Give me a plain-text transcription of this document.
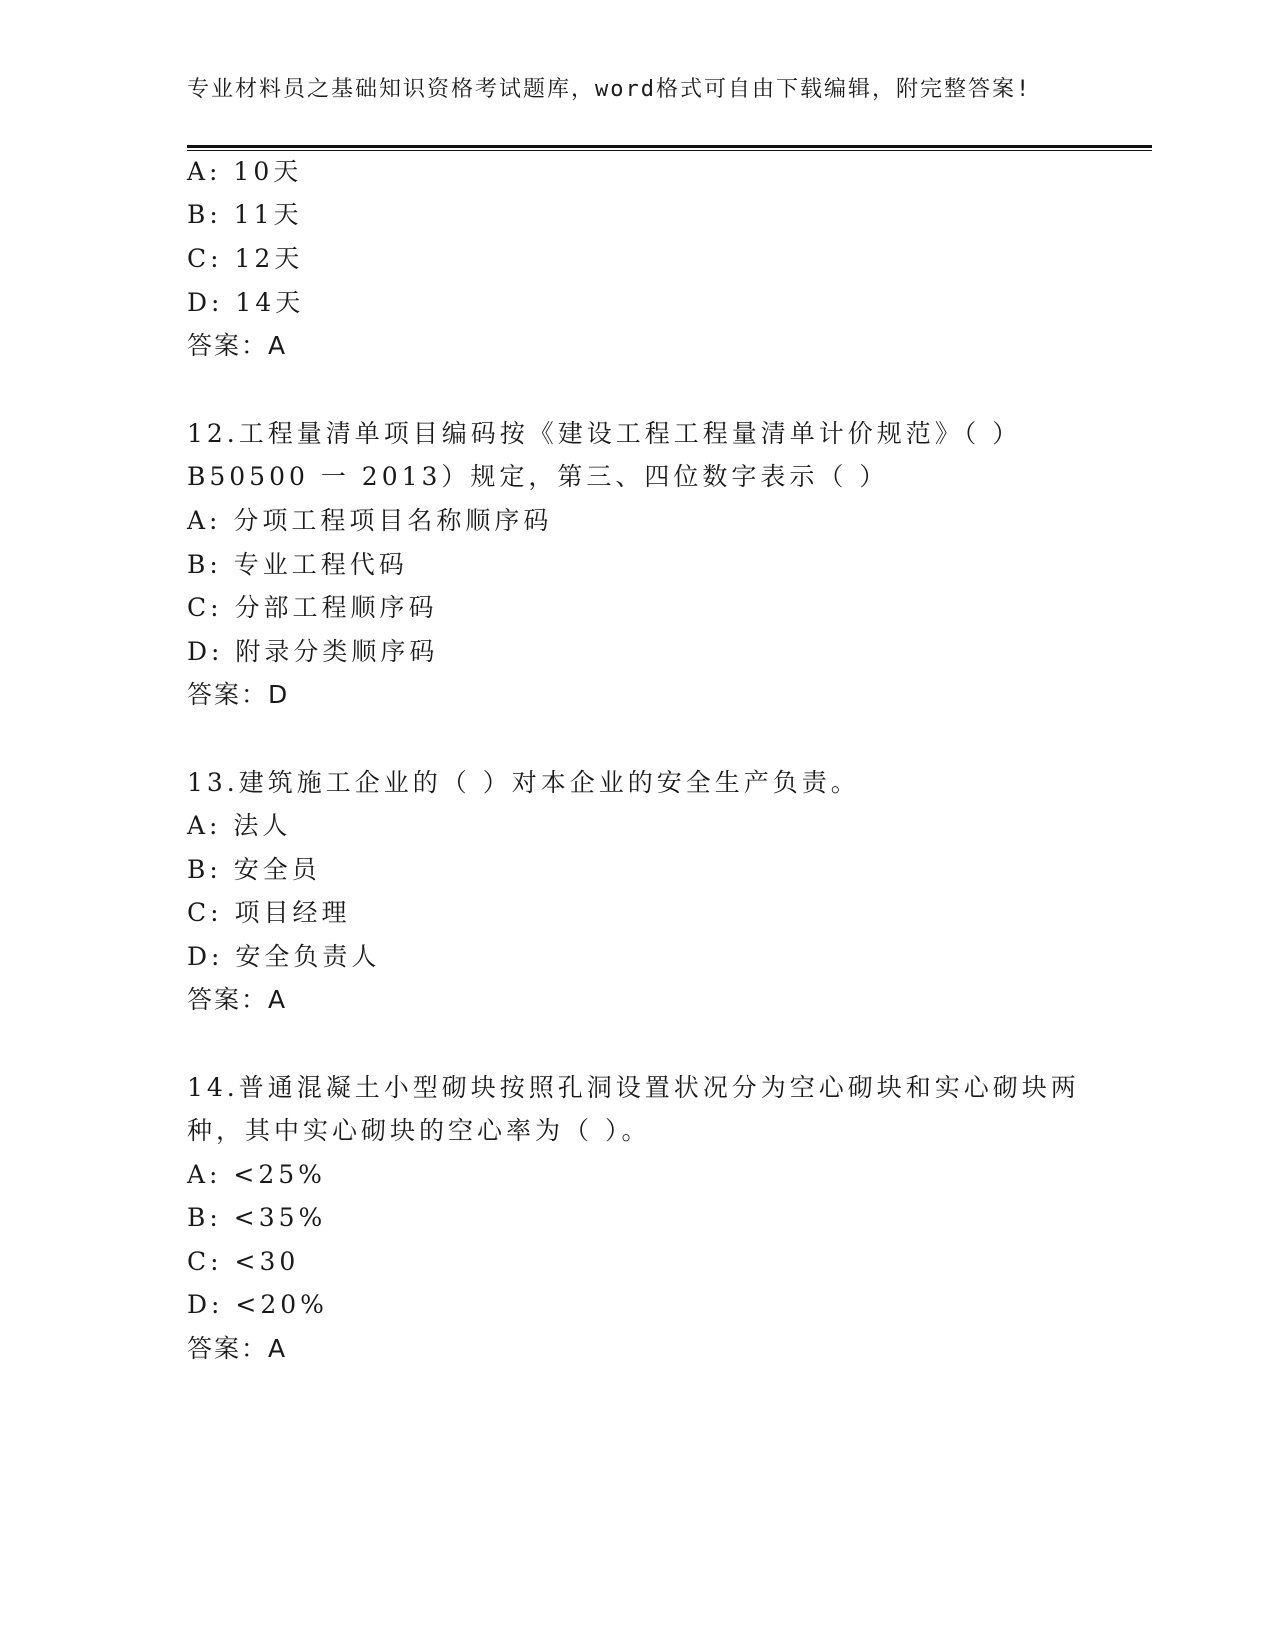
专业材料员之基础知识资格考试题库，word格式可自由下载编辑，附完整答案!
A: 10天
B: 11天
C: 12天
D: 14天
答案：A
12.工程量清单项目编码按《建设工程工程量清单计价规范》（ ）
B50500 一 2013）规定，第三、四位数字表示（ ）
A: 分项工程项目名称顺序码
B: 专业工程代码
C: 分部工程顺序码
D: 附录分类顺序码
答案：D
13.建筑施工企业的（ ）对本企业的安全生产负责。
A: 法人
B: 安全员
C: 项目经理
D: 安全负责人
答案：A
14.普通混凝土小型砌块按照孔洞设置状况分为空心砌块和实心砌块两
种，其中实心砌块的空心率为（ ）。
A: <25%
B: <35%
C: <30
D: <20%
答案：A
